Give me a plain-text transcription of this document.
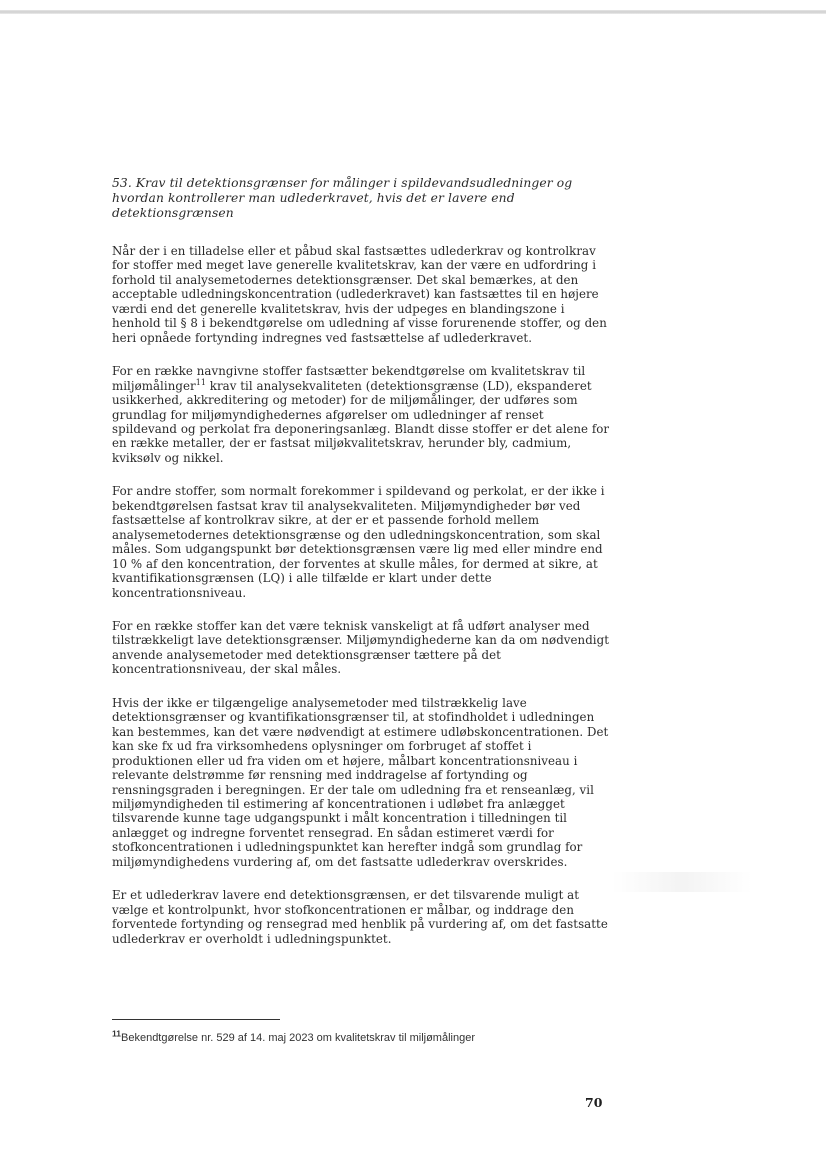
53. Krav til detektionsgrænser for målinger i spildevandsudledninger og hvordan kontrollerer man udlederkravet, hvis det er lavere end detektionsgrænsen

Når der i en tilladelse eller et påbud skal fastsættes udlederkrav og kontrolkrav for stoffer med meget lave generelle kvalitetskrav, kan der være en udfordring i forhold til analysemetodernes detektionsgrænser. Det skal bemærkes, at den acceptable udledningskoncentration (udlederkravet) kan fastsættes til en højere værdi end det generelle kvalitetskrav, hvis der udpeges en blandingszone i henhold til § 8 i bekendtgørelse om udledning af visse forurenende stoffer, og den heri opnåede fortynding indregnes ved fastsættelse af udlederkravet.

For en række navngivne stoffer fastsætter bekendtgørelse om kvalitetskrav til miljømålinger$^{11}$ krav til analysekvaliteten (detektionsgrænse (LD), ekspanderet usikkerhed, akkreditering og metoder) for de miljømålinger, der udføres som grundlag for miljømyndighedernes afgørelser om udledninger af renset spildevand og perkolat fra deponeringsanlæg. Blandt disse stoffer er det alene for en række metaller, der er fastsat miljøkvalitetskrav, herunder bly, cadmium, kviksølv og nikkel.

For andre stoffer, som normalt forekommer i spildevand og perkolat, er der ikke i bekendtgørelsen fastsat krav til analysekvaliteten. Miljømyndigheder bør ved fastsættelse af kontrolkrav sikre, at der er et passende forhold mellem analysemetodernes detektionsgrænse og den udledningskoncentration, som skal måles. Som udgangspunkt bør detektionsgrænsen være lig med eller mindre end 10 % af den koncentration, der forventes at skulle måles, for dermed at sikre, at kvantifikationsgrænsen (LQ) i alle tilfælde er klart under dette koncentrationsniveau.

For en række stoffer kan det være teknisk vanskeligt at få udført analyser med tilstrækkeligt lave detektionsgrænser. Miljømyndighederne kan da om nødvendigt anvende analysemetoder med detektionsgrænser tættere på det koncentrationsniveau, der skal måles.

Hvis der ikke er tilgængelige analysemetoder med tilstrækkelig lave detektionsgrænser og kvantifikationsgrænser til, at stofindholdet i udledningen kan bestemmes, kan det være nødvendigt at estimere udløbskoncentrationen. Det kan ske fx ud fra virksomhedens oplysninger om forbruget af stoffet i produktionen eller ud fra viden om et højere, målbart koncentrationsniveau i relevante delstrømme før rensning med inddragelse af fortynding og rensningsgraden i beregningen. Er der tale om udledning fra et renseanlæg, vil miljømyndigheden til estimering af koncentrationen i udløbet fra anlægget tilsvarende kunne tage udgangspunkt i målt koncentration i tilledningen til anlægget og indregne forventet rensegrad. En sådan estimeret værdi for stofkoncentrationen i udledningspunktet kan herefter indgå som grundlag for miljømyndighedens vurdering af, om det fastsatte udlederkrav overskrides.

Er et udlederkrav lavere end detektionsgrænsen, er det tilsvarende muligt at vælge et kontrolpunkt, hvor stofkoncentrationen er målbar, og inddrage den forventede fortynding og rensegrad med henblik på vurdering af, om det fastsatte udlederkrav er overholdt i udledningspunktet.

$^{11}$Bekendtgørelse nr. 529 af 14. maj 2023 om kvalitetskrav til miljømålinger
70
